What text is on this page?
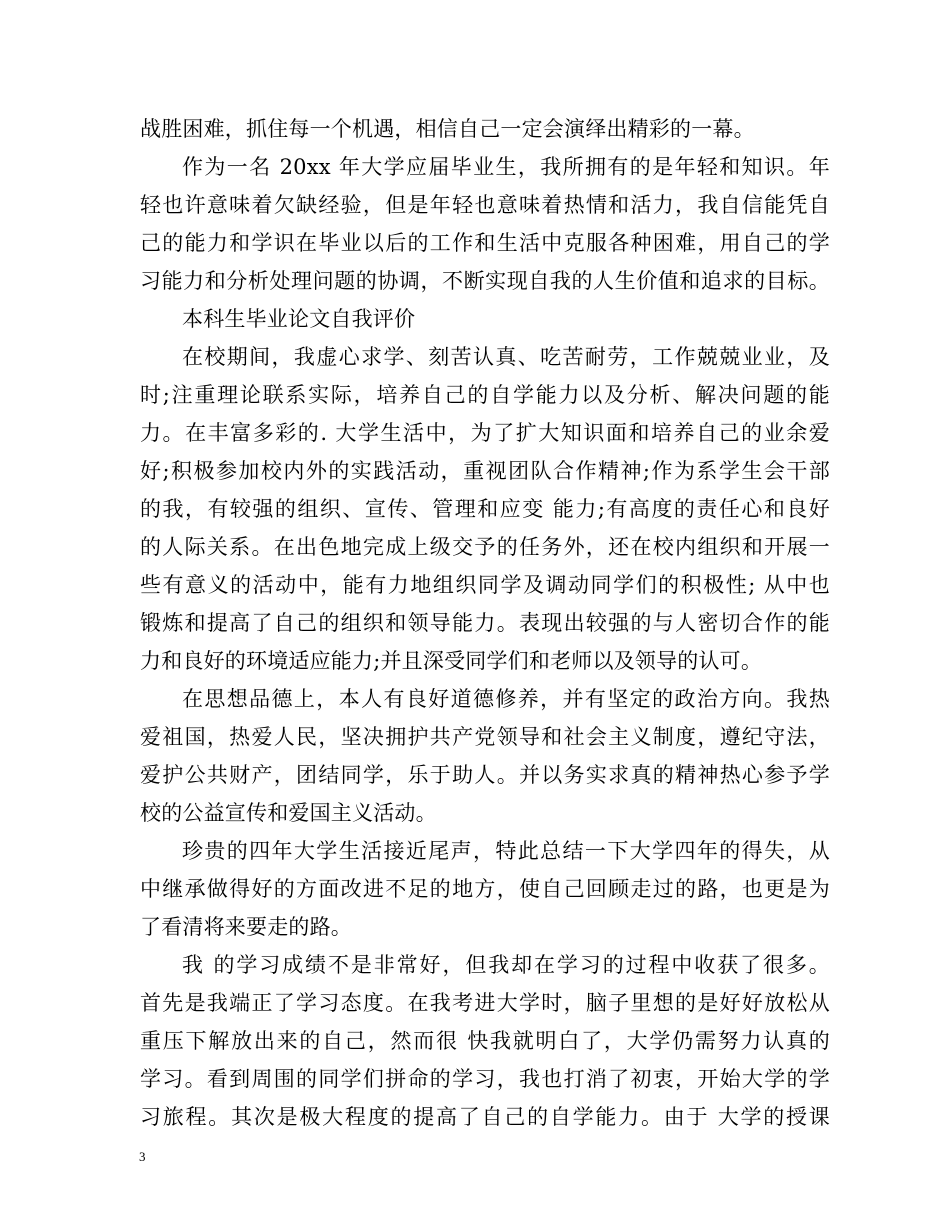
战胜困难，抓住每一个机遇，相信自己一定会演绎出精彩的一幕。
作为一名 20xx 年大学应届毕业生，我所拥有的是年轻和知识。年
轻也许意味着欠缺经验，但是年轻也意味着热情和活力，我自信能凭自
己的能力和学识在毕业以后的工作和生活中克服各种困难，用自己的学
习能力和分析处理问题的协调，不断实现自我的人生价值和追求的目标。
本科生毕业论文自我评价
在校期间，我虚心求学、刻苦认真、吃苦耐劳，工作兢兢业业，及
时;注重理论联系实际，培养自己的自学能力以及分析、解决问题的能
力。在丰富多彩的. 大学生活中，为了扩大知识面和培养自己的业余爱
好;积极参加校内外的实践活动，重视团队合作精神;作为系学生会干部
的我，有较强的组织、宣传、管理和应变 能力;有高度的责任心和良好
的人际关系。在出色地完成上级交予的任务外，还在校内组织和开展一
些有意义的活动中，能有力地组织同学及调动同学们的积极性; 从中也
锻炼和提高了自己的组织和领导能力。表现出较强的与人密切合作的能
力和良好的环境适应能力;并且深受同学们和老师以及领导的认可。
在思想品德上，本人有良好道德修养，并有坚定的政治方向。我热
爱祖国，热爱人民，坚决拥护共产党领导和社会主义制度，遵纪守法，
爱护公共财产，团结同学，乐于助人。并以务实求真的精神热心参予学
校的公益宣传和爱国主义活动。
珍贵的四年大学生活接近尾声，特此总结一下大学四年的得失，从
中继承做得好的方面改进不足的地方，使自己回顾走过的路，也更是为
了看清将来要走的路。
我 的学习成绩不是非常好，但我却在学习的过程中收获了很多。
首先是我端正了学习态度。在我考进大学时，脑子里想的是好好放松从
重压下解放出来的自己，然而很 快我就明白了，大学仍需努力认真的
学习。看到周围的同学们拼命的学习，我也打消了初衷，开始大学的学
习旅程。其次是极大程度的提高了自己的自学能力。由于 大学的授课
3
